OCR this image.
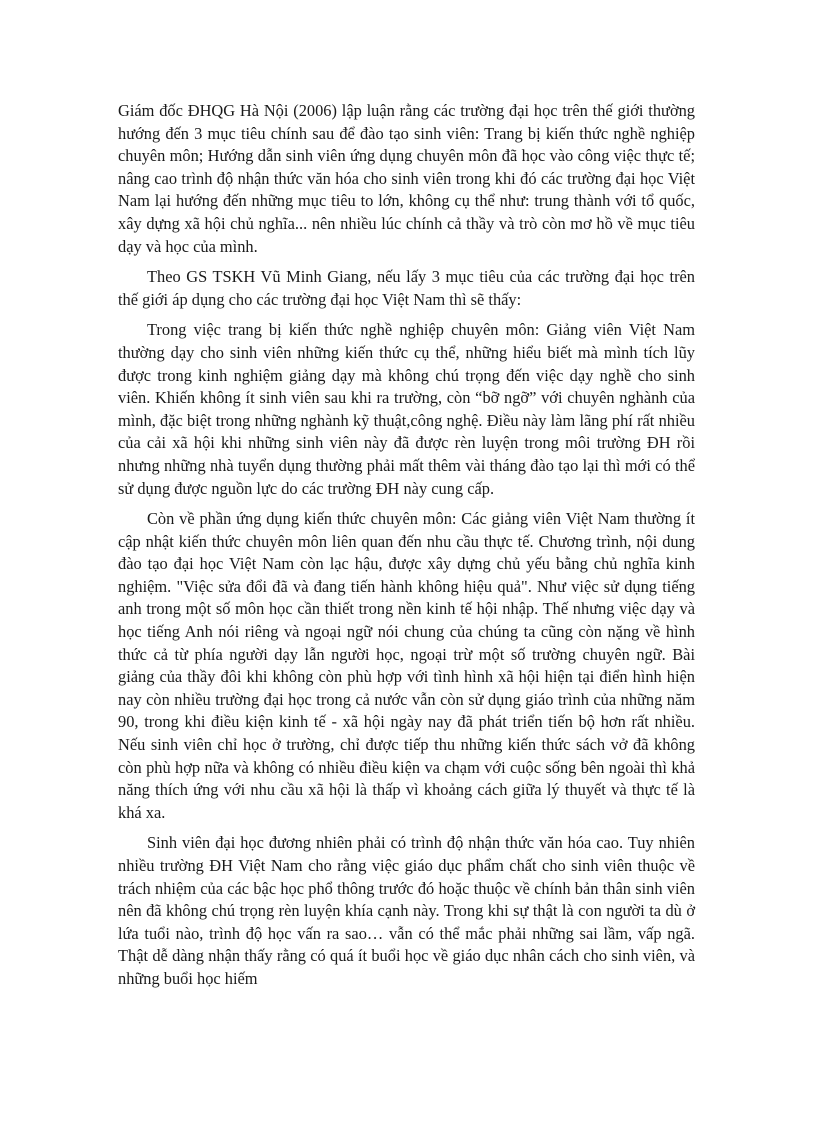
Giám đốc ĐHQG Hà Nội (2006) lập luận rằng các trường đại học trên thế giới thường hướng đến 3 mục tiêu chính sau để đào tạo sinh viên: Trang bị kiến thức nghề nghiệp chuyên môn; Hướng dẫn sinh viên ứng dụng chuyên môn đã học vào công việc thực tế; nâng cao trình độ nhận thức văn hóa cho sinh viên trong khi đó các trường đại học Việt Nam lại hướng đến những mục tiêu to lớn, không cụ thể như: trung thành với tổ quốc, xây dựng xã hội chủ nghĩa... nên nhiều lúc chính cả thầy và trò còn mơ hồ về mục tiêu dạy và học của mình.

Theo GS TSKH Vũ Minh Giang, nếu lấy 3 mục tiêu của các trường đại học trên thế giới áp dụng cho các trường đại học Việt Nam thì sẽ thấy:

Trong việc trang bị kiến thức nghề nghiệp chuyên môn: Giảng viên Việt Nam thường dạy cho sinh viên những kiến thức cụ thể, những hiểu biết mà mình tích lũy được trong kinh nghiệm giảng dạy mà không chú trọng đến việc dạy nghề cho sinh viên. Khiến không ít sinh viên sau khi ra trường, còn “bỡ ngỡ” với chuyên nghành của mình, đặc biệt trong những nghành kỹ thuật,công nghệ. Điều này làm lãng phí rất nhiều của cải xã hội khi những sinh viên này đã được rèn luyện trong môi trường ĐH rồi nhưng những nhà tuyển dụng thường phải mất thêm vài tháng đào tạo lại thì mới có thể sử dụng được nguồn lực do các trường ĐH này cung cấp.

Còn về phần ứng dụng kiến thức chuyên môn: Các giảng viên Việt Nam thường ít cập nhật kiến thức chuyên môn liên quan đến nhu cầu thực tế. Chương trình, nội dung đào tạo đại học Việt Nam còn lạc hậu, được xây dựng chủ yếu bằng chủ nghĩa kinh nghiệm. "Việc sửa đổi đã và đang tiến hành không hiệu quả". Như việc sử dụng tiếng anh trong một số môn học cần thiết trong nền kinh tế hội nhập. Thế nhưng việc dạy và học tiếng Anh nói riêng và ngoại ngữ nói chung của chúng ta cũng còn nặng về hình thức cả từ phía người dạy lẫn người học, ngoại trừ một số trường chuyên ngữ. Bài giảng của thầy đôi khi không còn phù hợp với tình hình xã hội hiện tại điển hình hiện nay còn nhiều trường đại học trong cả nước vẫn còn sử dụng giáo trình của những năm 90, trong khi điều kiện kinh tế - xã hội ngày nay đã phát triển tiến bộ hơn rất nhiều. Nếu sinh viên chỉ học ở trường, chỉ được tiếp thu những kiến thức sách vở đã không còn phù hợp nữa và không có nhiều điều kiện va chạm với cuộc sống bên ngoài thì khả năng thích ứng với nhu cầu xã hội là thấp vì khoảng cách giữa lý thuyết và thực tế là khá xa.

Sinh viên đại học đương nhiên phải có trình độ nhận thức văn hóa cao. Tuy nhiên nhiều trường ĐH Việt Nam cho rằng việc giáo dục phẩm chất cho sinh viên thuộc về trách nhiệm của các bậc học phổ thông trước đó hoặc thuộc về chính bản thân sinh viên nên đã không chú trọng rèn luyện khía cạnh này. Trong khi sự thật là con người ta dù ở lứa tuổi nào, trình độ học vấn ra sao… vẫn có thể mắc phải những sai lầm, vấp ngã. Thật dễ dàng nhận thấy rằng có quá ít buổi học về giáo dục nhân cách cho sinh viên, và những buổi học hiếm
